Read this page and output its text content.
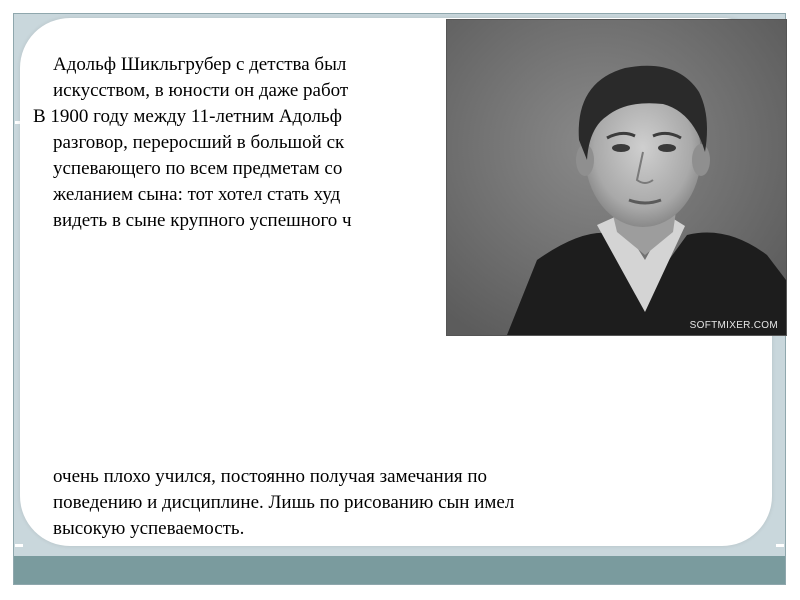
Адольф Шикльгрубер с детства был
искусством, в юности он даже работ
В 1900 году между 11-летним Адольф
разговор, переросший в большой ск
успевающего по всем предметам со
желанием сына: тот хотел стать худ
видеть в сыне крупного успешного ч
очень плохо учился, постоянно получая замечания по
поведению и дисциплине. Лишь по рисованию сын имел
высокую успеваемость.
SOFTMIXER.COM
